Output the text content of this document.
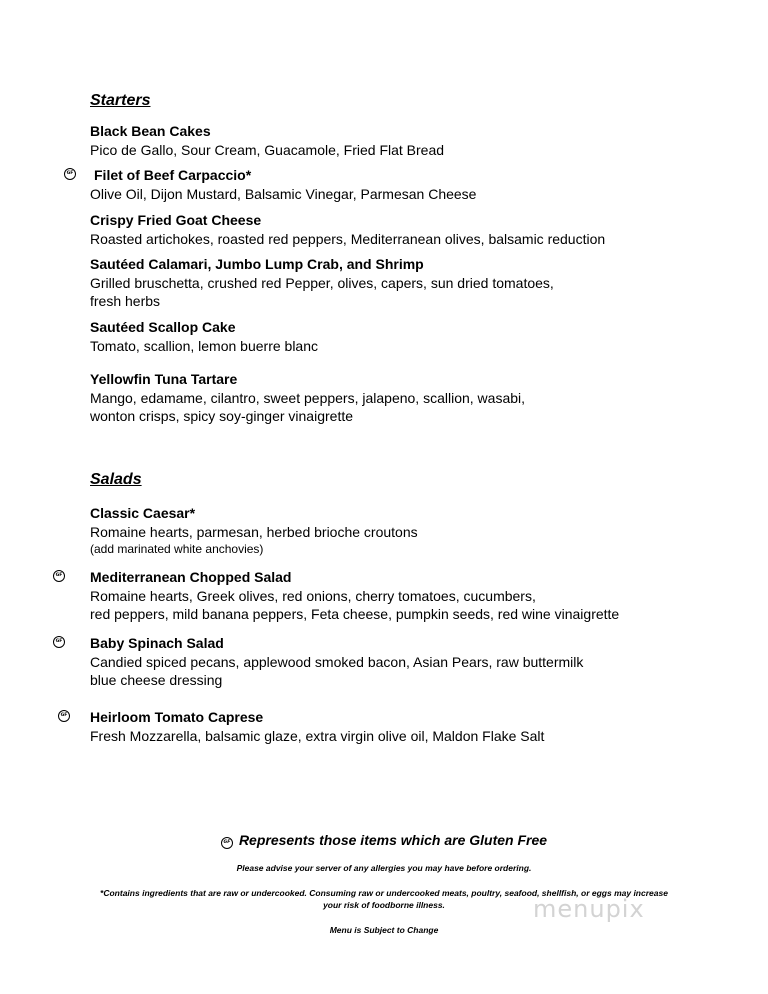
Starters
Black Bean Cakes
Pico de Gallo, Sour Cream, Guacamole, Fried Flat Bread
GF Filet of Beef Carpaccio*
Olive Oil, Dijon Mustard, Balsamic Vinegar, Parmesan Cheese
Crispy Fried Goat Cheese
Roasted artichokes, roasted red peppers, Mediterranean olives, balsamic reduction
Sautéed Calamari, Jumbo Lump Crab, and Shrimp
Grilled bruschetta, crushed red Pepper, olives, capers, sun dried tomatoes,
fresh herbs
Sautéed Scallop Cake
Tomato, scallion, lemon buerre blanc
Yellowfin Tuna Tartare
Mango, edamame, cilantro, sweet peppers, jalapeno, scallion, wasabi,
wonton crisps, spicy soy-ginger vinaigrette
Salads
Classic Caesar*
Romaine hearts, parmesan, herbed brioche croutons
(add marinated white anchovies)
GF Mediterranean Chopped Salad
Romaine hearts, Greek olives, red onions, cherry tomatoes, cucumbers,
red peppers, mild banana peppers, Feta cheese, pumpkin seeds, red wine vinaigrette
GF Baby Spinach Salad
Candied spiced pecans, applewood smoked bacon, Asian Pears, raw buttermilk
blue cheese dressing
GF Heirloom Tomato Caprese
Fresh Mozzarella, balsamic glaze, extra virgin olive oil, Maldon Flake Salt
GF Represents those items which are Gluten Free
Please advise your server of any allergies you may have before ordering.
*Contains ingredients that are raw or undercooked. Consuming raw or undercooked meats, poultry, seafood, shellfish, or eggs may increase
your risk of foodborne illness.
Menu is Subject to Change
menupix
